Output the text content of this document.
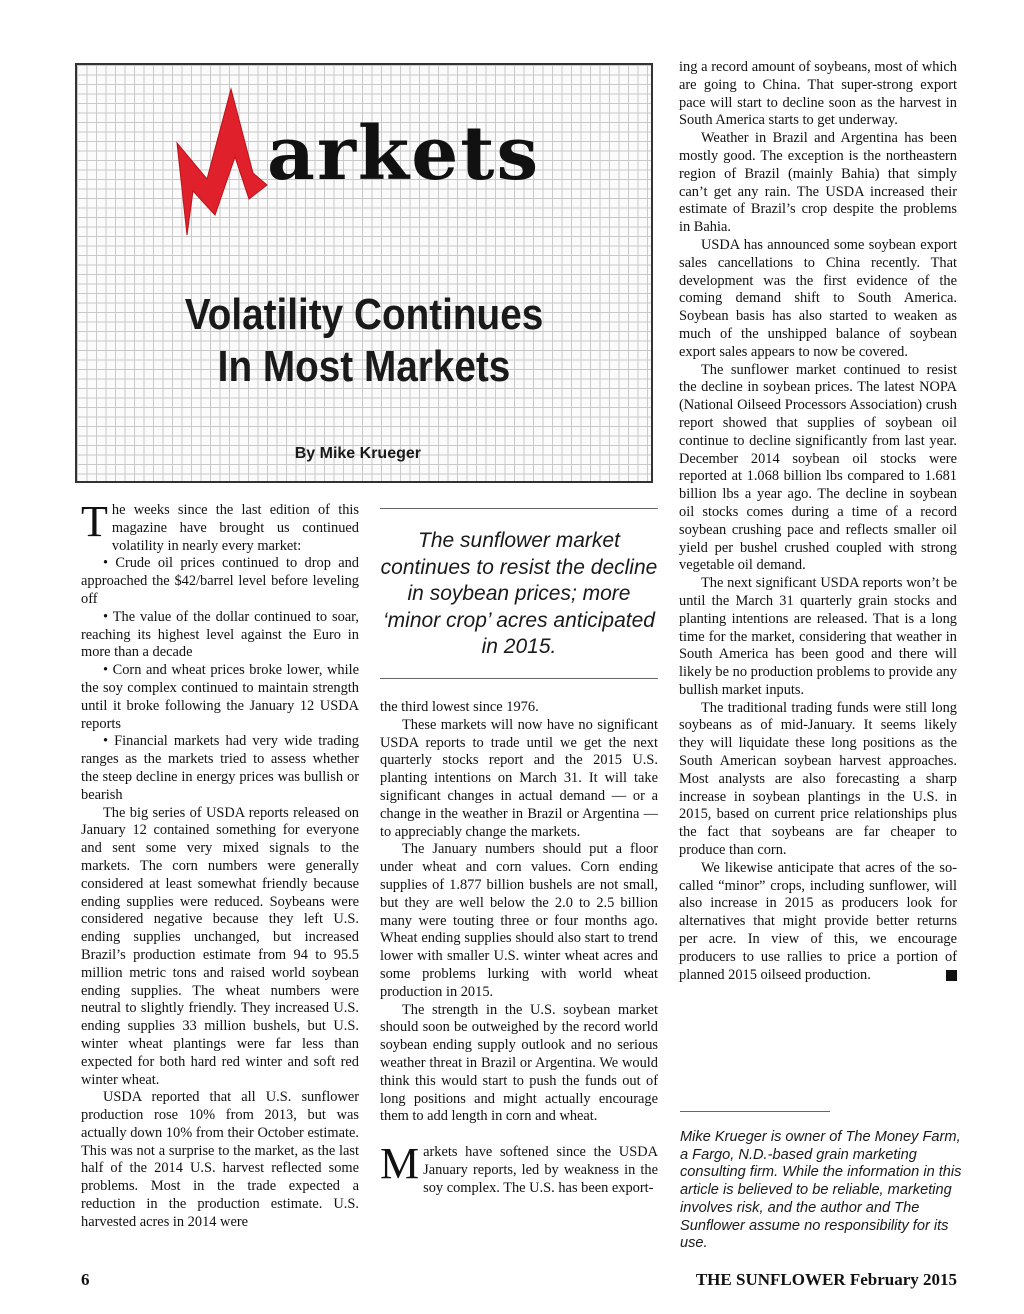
arkets
Volatility Continues
In Most Markets

By Mike Krueger

The weeks since the last edition of this magazine have brought us continued volatility in nearly every market:

• Crude oil prices continued to drop and approached the $42/barrel level before leveling off

• The value of the dollar continued to soar, reaching its highest level against the Euro in more than a decade

• Corn and wheat prices broke lower, while the soy complex continued to maintain strength until it broke following the January 12 USDA reports

• Financial markets had very wide trading ranges as the markets tried to assess whether the steep decline in energy prices was bullish or bearish

The big series of USDA reports released on January 12 contained something for everyone and sent some very mixed signals to the markets. The corn numbers were generally considered at least somewhat friendly because ending supplies were reduced. Soybeans were considered negative because they left U.S. ending supplies unchanged, but increased Brazil’s production estimate from 94 to 95.5 million metric tons and raised world soybean ending supplies. The wheat numbers were neutral to slightly friendly. They increased U.S. ending supplies 33 million bushels, but U.S. winter wheat plantings were far less than expected for both hard red winter and soft red winter wheat.

USDA reported that all U.S. sunflower production rose 10% from 2013, but was actually down 10% from their October estimate. This was not a surprise to the market, as the last half of the 2014 U.S. harvest reflected some problems. Most in the trade expected a reduction in the production estimate. U.S. harvested acres in 2014 were

The sunflower market continues to resist the decline in soybean prices; more ‘minor crop’ acres anticipated in 2015.

the third lowest since 1976.

These markets will now have no significant USDA reports to trade until we get the next quarterly stocks report and the 2015 U.S. planting intentions on March 31. It will take significant changes in actual demand — or a change in the weather in Brazil or Argentina — to appreciably change the markets.

The January numbers should put a floor under wheat and corn values. Corn ending supplies of 1.877 billion bushels are not small, but they are well below the 2.0 to 2.5 billion many were touting three or four months ago. Wheat ending supplies should also start to trend lower with smaller U.S. winter wheat acres and some problems lurking with world wheat production in 2015.

The strength in the U.S. soybean market should soon be outweighed by the record world soybean ending supply outlook and no serious weather threat in Brazil or Argentina. We would think this would start to push the funds out of long positions and might actually encourage them to add length in corn and wheat.

Markets have softened since the USDA January reports, led by weakness in the soy complex. The U.S. has been export-

ing a record amount of soybeans, most of which are going to China. That super-strong export pace will start to decline soon as the harvest in South America starts to get underway.

Weather in Brazil and Argentina has been mostly good. The exception is the northeastern region of Brazil (mainly Bahia) that simply can’t get any rain. The USDA increased their estimate of Brazil’s crop despite the problems in Bahia.

USDA has announced some soybean export sales cancellations to China recently. That development was the first evidence of the coming demand shift to South America. Soybean basis has also started to weaken as much of the unshipped balance of soybean export sales appears to now be covered.

The sunflower market continued to resist the decline in soybean prices. The latest NOPA (National Oilseed Processors Association) crush report showed that supplies of soybean oil continue to decline significantly from last year. December 2014 soybean oil stocks were reported at 1.068 billion lbs compared to 1.681 billion lbs a year ago. The decline in soybean oil stocks comes during a time of a record soybean crushing pace and reflects smaller oil yield per bushel crushed coupled with strong vegetable oil demand.

The next significant USDA reports won’t be until the March 31 quarterly grain stocks and planting intentions are released. That is a long time for the market, considering that weather in South America has been good and there will likely be no production problems to provide any bullish market inputs.

The traditional trading funds were still long soybeans as of mid-January. It seems likely they will liquidate these long positions as the South American soybean harvest approaches. Most analysts are also forecasting a sharp increase in soybean plantings in the U.S. in 2015, based on current price relationships plus the fact that soybeans are far cheaper to produce than corn.

We likewise anticipate that acres of the so-called “minor” crops, including sunflower, will also increase in 2015 as producers look for alternatives that might provide better returns per acre. In view of this, we encourage producers to use rallies to price a portion of planned 2015 oilseed production.

Mike Krueger is owner of The Money Farm, a Fargo, N.D.-based grain marketing consulting firm. While the information in this article is believed to be reliable, marketing involves risk, and the author and The Sunflower assume no responsibility for its use.

6	THE SUNFLOWER February 2015
